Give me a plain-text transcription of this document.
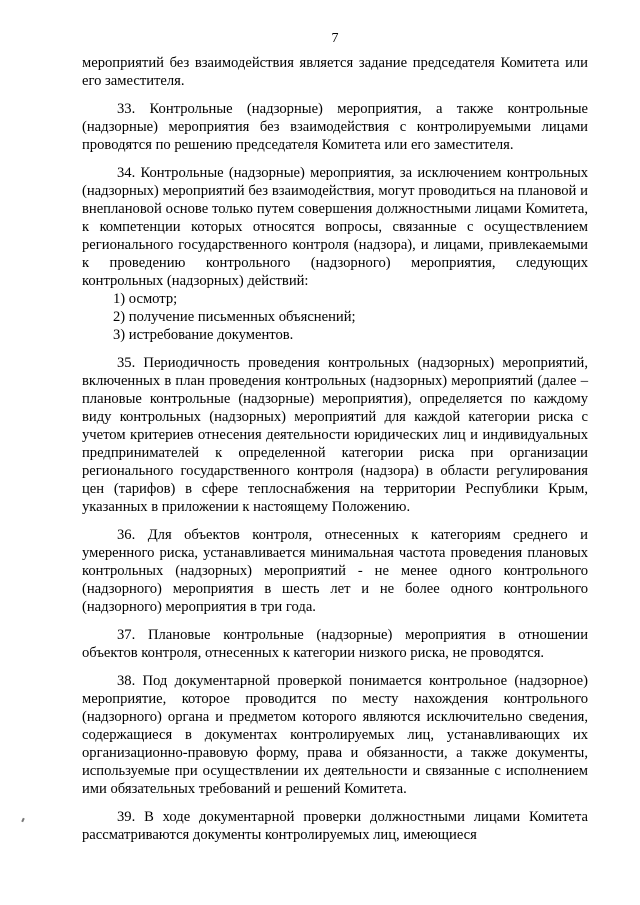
7

мероприятий без взаимодействия является задание председателя Комитета или его заместителя.

33. Контрольные (надзорные) мероприятия, а также контрольные (надзорные) мероприятия без взаимодействия с контролируемыми лицами проводятся по решению председателя Комитета или его заместителя.

34. Контрольные (надзорные) мероприятия, за исключением контрольных (надзорных) мероприятий без взаимодействия, могут проводиться на плановой и внеплановой основе только путем совершения должностными лицами Комитета, к компетенции которых относятся вопросы, связанные с осуществлением регионального государственного контроля (надзора), и лицами, привлекаемыми к проведению контрольного (надзорного) мероприятия, следующих контрольных (надзорных) действий:

1) осмотр;
2) получение письменных объяснений;
3) истребование документов.

35. Периодичность проведения контрольных (надзорных) мероприятий, включенных в план проведения контрольных (надзорных) мероприятий (далее – плановые контрольные (надзорные) мероприятия), определяется по каждому виду контрольных (надзорных) мероприятий для каждой категории риска с учетом критериев отнесения деятельности юридических лиц и индивидуальных предпринимателей к определенной категории риска при организации регионального государственного контроля (надзора) в области регулирования цен (тарифов) в сфере теплоснабжения на территории Республики Крым, указанных в приложении к настоящему Положению.

36. Для объектов контроля, отнесенных к категориям среднего и умеренного риска, устанавливается минимальная частота проведения плановых контрольных (надзорных) мероприятий - не менее одного контрольного (надзорного) мероприятия в шесть лет и не более одного контрольного (надзорного) мероприятия в три года.

37. Плановые контрольные (надзорные) мероприятия в отношении объектов контроля, отнесенных к категории низкого риска, не проводятся.

38. Под документарной проверкой понимается контрольное (надзорное) мероприятие, которое проводится по месту нахождения контрольного (надзорного) органа и предметом которого являются исключительно сведения, содержащиеся в документах контролируемых лиц, устанавливающих их организационно-правовую форму, права и обязанности, а также документы, используемые при осуществлении их деятельности и связанные с исполнением ими обязательных требований и решений Комитета.

39. В ходе документарной проверки должностными лицами Комитета рассматриваются документы контролируемых лиц, имеющиеся
